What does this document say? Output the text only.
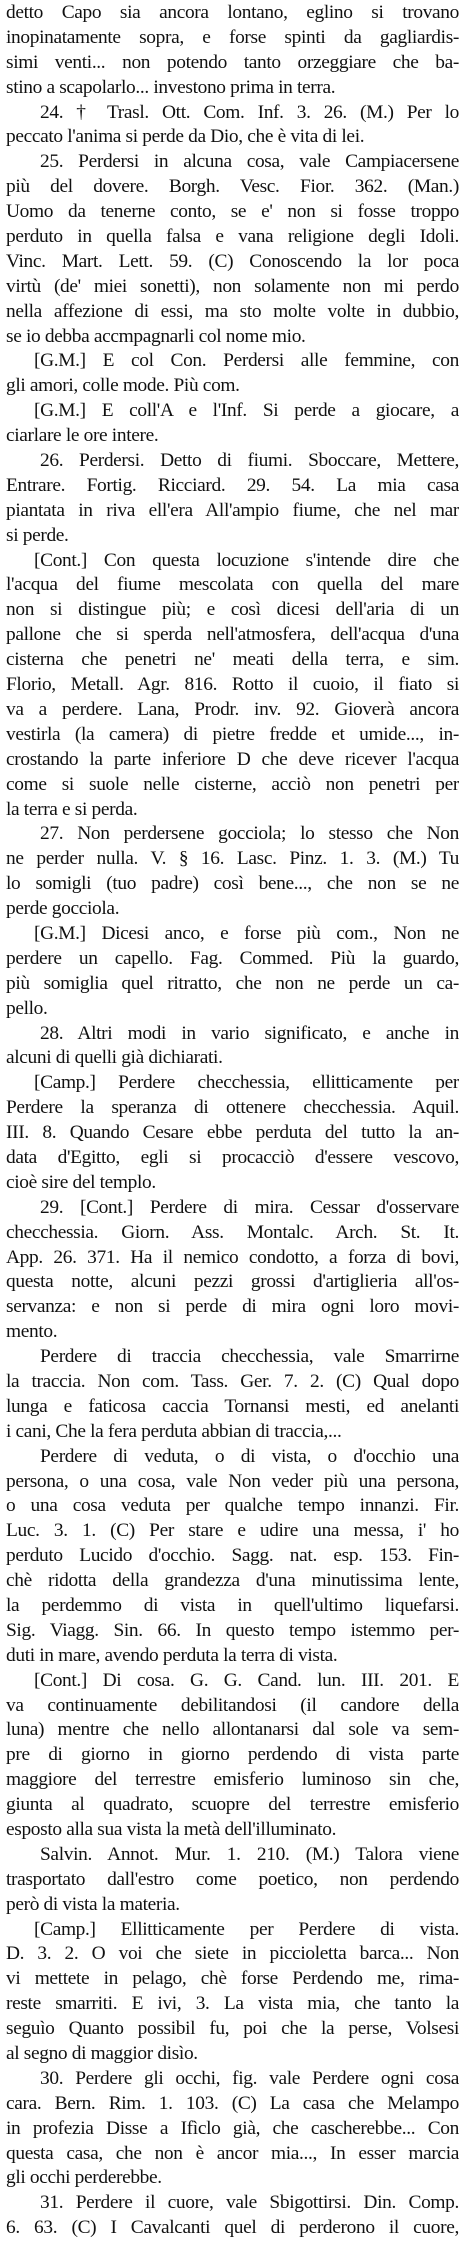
detto Capo sia ancora lontano, eglino si trovano
inopinatamente sopra, e forse spinti da gagliardis-
simi venti... non potendo tanto orzeggiare che ba-
stino a scapolarlo... investono prima in terra.
24. † Trasl. Ott. Com. Inf. 3. 26. (M.) Per lo
peccato l'anima si perde da Dio, che è vita di lei.
25. Perdersi in alcuna cosa, vale Campiacersene
più del dovere. Borgh. Vesc. Fior. 362. (Man.)
Uomo da tenerne conto, se e' non si fosse troppo
perduto in quella falsa e vana religione degli Idoli.
Vinc. Mart. Lett. 59. (C) Conoscendo la lor poca
virtù (de' miei sonetti), non solamente non mi perdo
nella affezione di essi, ma sto molte volte in dubbio,
se io debba accmpagnarli col nome mio.
[G.M.] E col Con. Perdersi alle femmine, con
gli amori, colle mode. Più com.
[G.M.] E coll'A e l'Inf. Si perde a giocare, a
ciarlare le ore intere.
26. Perdersi. Detto di fiumi. Sboccare, Mettere,
Entrare. Fortig. Ricciard. 29. 54. La mia casa
piantata in riva ell'era All'ampio fiume, che nel mar
si perde.
[Cont.] Con questa locuzione s'intende dire che
l'acqua del fiume mescolata con quella del mare
non si distingue più; e così dicesi dell'aria di un
pallone che si sperda nell'atmosfera, dell'acqua d'una
cisterna che penetri ne' meati della terra, e sim.
Florio, Metall. Agr. 816. Rotto il cuoio, il fiato si
va a perdere. Lana, Prodr. inv. 92. Gioverà ancora
vestirla (la camera) di pietre fredde et umide..., in-
crostando la parte inferiore D che deve ricever l'acqua
come si suole nelle cisterne, acciò non penetri per
la terra e si perda.
27. Non perdersene gocciola; lo stesso che Non
ne perder nulla. V. § 16. Lasc. Pinz. 1. 3. (M.) Tu
lo somigli (tuo padre) così bene..., che non se ne
perde gocciola.
[G.M.] Dicesi anco, e forse più com., Non ne
perdere un capello. Fag. Commed. Più la guardo,
più somiglia quel ritratto, che non ne perde un ca-
pello.
28. Altri modi in vario significato, e anche in
alcuni di quelli già dichiarati.
[Camp.] Perdere checchessia, ellitticamente per
Perdere la speranza di ottenere checchessia. Aquil.
III. 8. Quando Cesare ebbe perduta del tutto la an-
data d'Egitto, egli si procacciò d'essere vescovo,
cioè sire del templo.
29. [Cont.] Perdere di mira. Cessar d'osservare
checchessia. Giorn. Ass. Montalc. Arch. St. It.
App. 26. 371. Ha il nemico condotto, a forza di bovi,
questa notte, alcuni pezzi grossi d'artiglieria all'os-
servanza: e non si perde di mira ogni loro movi-
mento.
Perdere di traccia checchessia, vale Smarrirne
la traccia. Non com. Tass. Ger. 7. 2. (C) Qual dopo
lunga e faticosa caccia Tornansi mesti, ed anelanti
i cani, Che la fera perduta abbian di traccia,...
Perdere di veduta, o di vista, o d'occhio una
persona, o una cosa, vale Non veder più una persona,
o una cosa veduta per qualche tempo innanzi. Fir.
Luc. 3. 1. (C) Per stare e udire una messa, i' ho
perduto Lucido d'occhio. Sagg. nat. esp. 153. Fin-
chè ridotta della grandezza d'una minutissima lente,
la perdemmo di vista in quell'ultimo liquefarsi.
Sig. Viagg. Sin. 66. In questo tempo istemmo per-
duti in mare, avendo perduta la terra di vista.
[Cont.] Di cosa. G. G. Cand. lun. III. 201. E
va continuamente debilitandosi (il candore della
luna) mentre che nello allontanarsi dal sole va sem-
pre di giorno in giorno perdendo di vista parte
maggiore del terrestre emisferio luminoso sin che,
giunta al quadrato, scuopre del terrestre emisferio
esposto alla sua vista la metà dell'illuminato.
Salvin. Annot. Mur. 1. 210. (M.) Talora viene
trasportato dall'estro come poetico, non perdendo
però di vista la materia.
[Camp.] Ellitticamente per Perdere di vista.
D. 3. 2. O voi che siete in piccioletta barca... Non
vi mettete in pelago, chè forse Perdendo me, rima-
reste smarriti. E ivi, 3. La vista mia, che tanto la
seguìo Quanto possibil fu, poi che la perse, Volsesi
al segno di maggior disìo.
30. Perdere gli occhi, fig. vale Perdere ogni cosa
cara. Bern. Rim. 1. 103. (C) La casa che Melampo
in profezia Disse a Ifìclo già, che cascherebbe... Con
questa casa, che non è ancor mia..., In esser marcia
gli occhi perderebbe.
31. Perdere il cuore, vale Sbigottirsi. Din. Comp.
6. 63. (C) I Cavalcanti quel di perderono il cuore,
